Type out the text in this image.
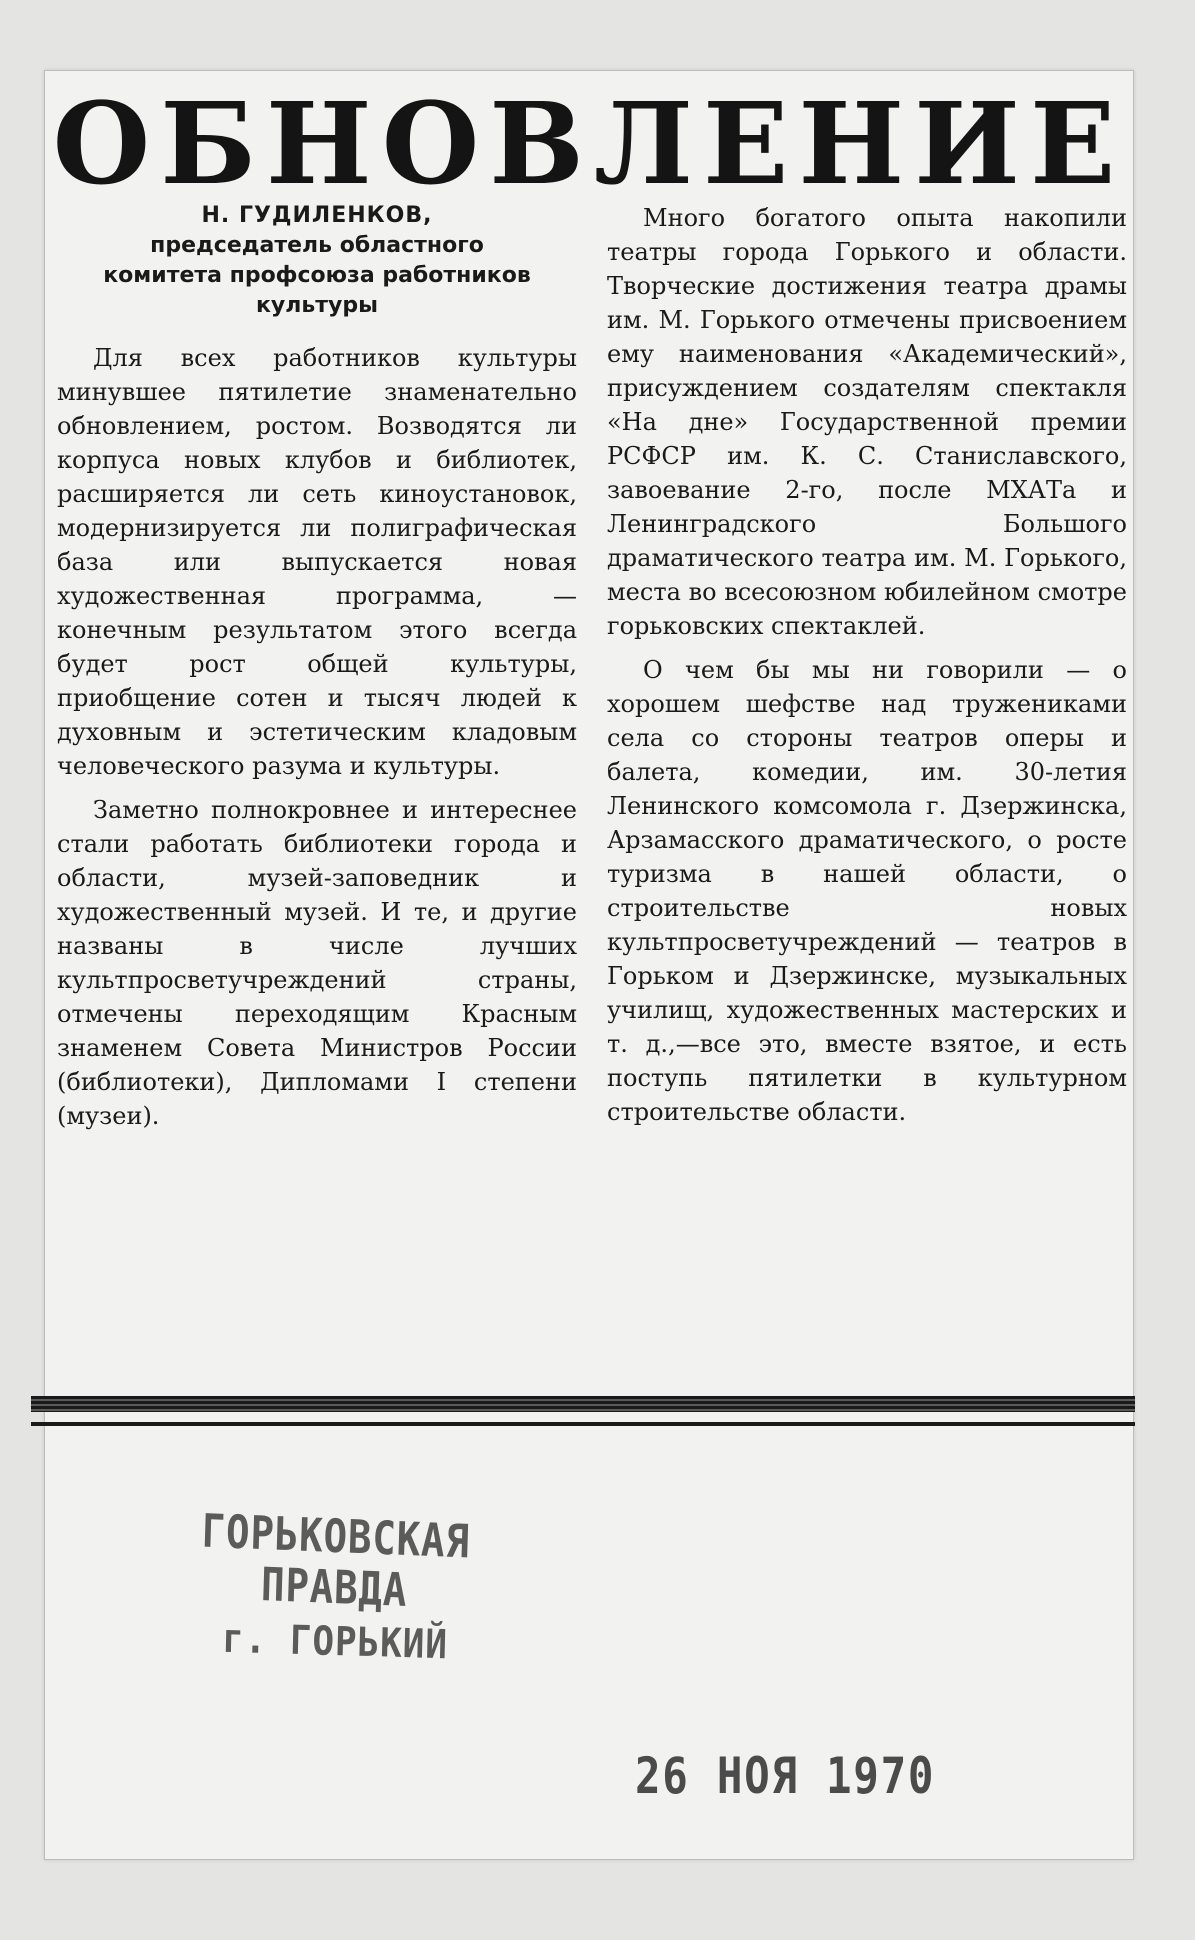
ОБНОВЛЕНИЕ
Н. ГУДИЛЕНКОВ,
председатель областного комитета профсоюза работников культуры

Для всех работников культуры минувшее пятилетие знаменательно обновлением, ростом. Возводятся ли корпуса новых клубов и библиотек, расширяется ли сеть киноустановок, модернизируется ли полиграфическая база или выпускается новая художественная программа, — конечным результатом этого всегда будет рост общей культуры, приобщение сотен и тысяч людей к духовным и эстетическим кладовым человеческого разума и культуры.

Заметно полнокровнее и интереснее стали работать библиотеки города и области, музей-заповедник и художественный музей. И те, и другие названы в числе лучших культпросветучреждений страны, отмечены переходящим Красным знаменем Совета Министров России (библиотеки), Дипломами I степени (музеи).

Много богатого опыта накопили театры города Горького и области. Творческие достижения театра драмы им. М. Горького отмечены присвоением ему наименования «Академический», присуждением создателям спектакля «На дне» Государственной премии РСФСР им. К. С. Станиславского, завоевание 2-го, после МХАТа и Ленинградского Большого драматического театра им. М. Горького, места во всесоюзном юбилейном смотре горьковских спектаклей.

О чем бы мы ни говорили — о хорошем шефстве над тружениками села со стороны театров оперы и балета, комедии, им. 30-летия Ленинского комсомола г. Дзержинска, Арзамасского драматического, о росте туризма в нашей области, о строительстве новых культпросветучреждений — театров в Горьком и Дзержинске, музыкальных училищ, художественных мастерских и т. д.,—все это, вместе взятое, и есть поступь пятилетки в культурном строительстве области.

ГОРЬКОВСКАЯ ПРАВДА
г. ГОРЬКИЙ
26 НОЯ 1970
